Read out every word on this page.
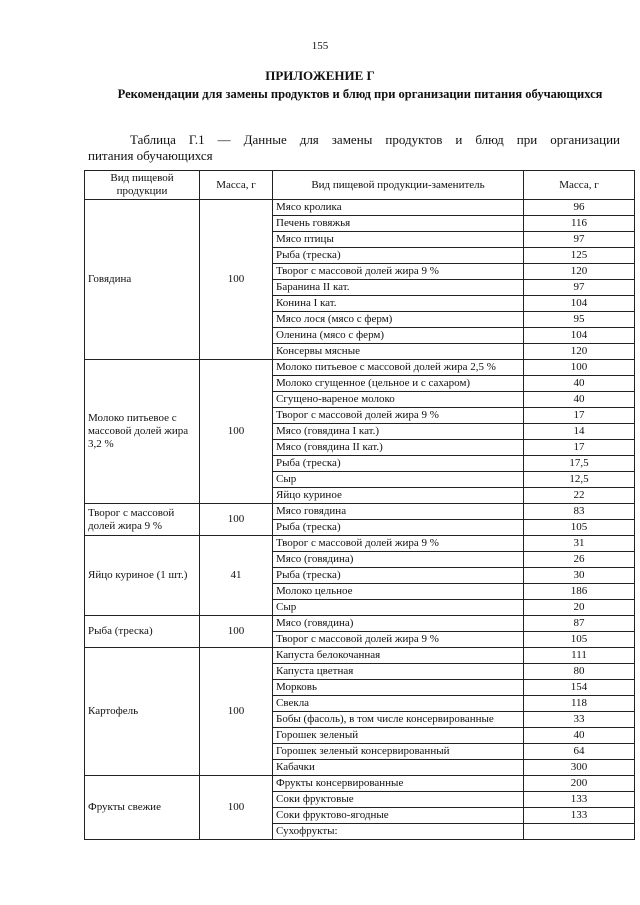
155
ПРИЛОЖЕНИЕ Г
Рекомендации для замены продуктов и блюд при организации питания обучающихся
Таблица Г.1 — Данные для замены продуктов и блюд при организации
питания обучающихся
Вид пищевой продукции	Масса, г	Вид пищевой продукции-заменитель	Масса, г
Говядина	100	Мясо кролика	96
		Печень говяжья	116
		Мясо птицы	97
		Рыба (треска)	125
		Творог с массовой долей жира 9 %	120
		Баранина II кат.	97
		Конина I кат.	104
		Мясо лося (мясо с ферм)	95
		Оленина (мясо с ферм)	104
		Консервы мясные	120
Молоко питьевое с массовой долей жира 3,2 %	100	Молоко питьевое с массовой долей жира 2,5 %	100
		Молоко сгущенное (цельное и с сахаром)	40
		Сгущено-вареное молоко	40
		Творог с массовой долей жира 9 %	17
		Мясо (говядина I кат.)	14
		Мясо (говядина II кат.)	17
		Рыба (треска)	17,5
		Сыр	12,5
		Яйцо куриное	22
Творог с массовой долей жира 9 %	100	Мясо говядина	83
		Рыба (треска)	105
Яйцо куриное (1 шт.)	41	Творог с массовой долей жира 9 %	31
		Мясо (говядина)	26
		Рыба (треска)	30
		Молоко цельное	186
		Сыр	20
Рыба (треска)	100	Мясо (говядина)	87
		Творог с массовой долей жира 9 %	105
Картофель	100	Капуста белокочанная	111
		Капуста цветная	80
		Морковь	154
		Свекла	118
		Бобы (фасоль), в том числе консервированные	33
		Горошек зеленый	40
		Горошек зеленый консервированный	64
		Кабачки	300
Фрукты свежие	100	Фрукты консервированные	200
		Соки фруктовые	133
		Соки фруктово-ягодные	133
		Сухофрукты:	
